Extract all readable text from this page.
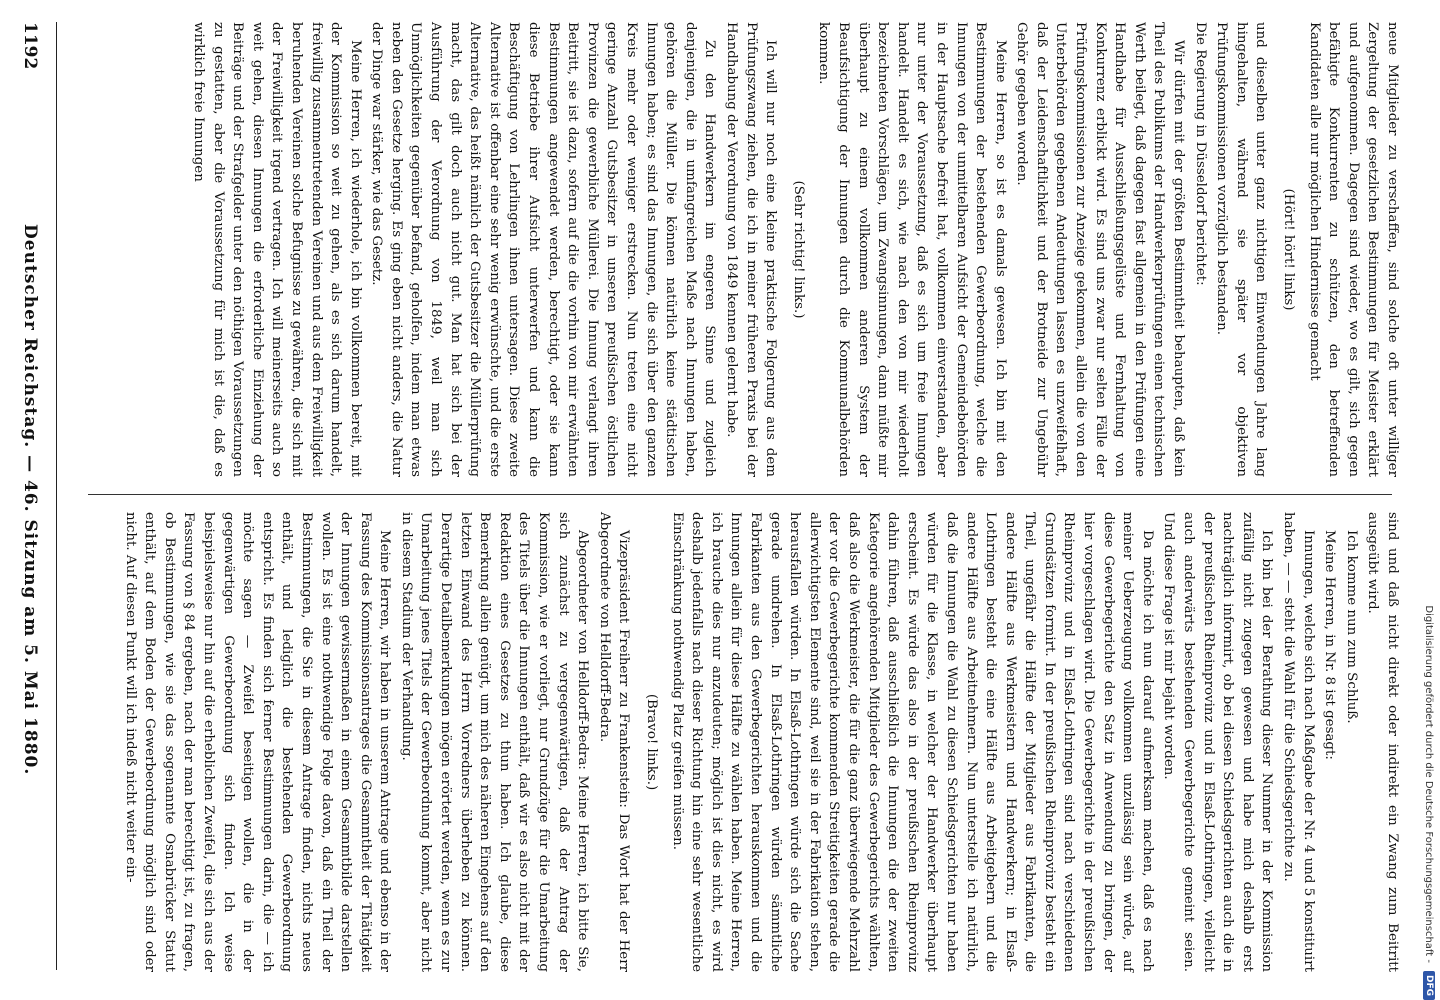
Digitalisierung gefördert durch die Deutsche Forschungsgemeinschaft -
DFG

neue Mitglieder zu verschaffen, sind solche oft unter williger Zergeltung der gesetzlichen Bestimmungen für Meister erklärt und aufgenommen. Dagegen sind wieder, wo es gilt, sich gegen befähigte Konkurrenten zu schützen, den betreffenden Kandidaten alle nur möglichen Hindernisse gemacht

(Hört! hört! links)

und dieselben unter ganz nichtigen Einwendungen Jahre lang hingehalten, während sie später vor objektiven Prüfungskommissionen vorzüglich bestanden.

Die Regierung in Düsseldorf berichtet:

Wir dürfen mit der größten Bestimmtheit behaupten, daß kein Theil des Publikums der Handwerkerprüfungen einen technischen Werth beilegt, daß dagegen fast allgemein in den Prüfungen eine Handhabe für Ausschließungsgelüste und Fernhaltung von Konkurrenz erblickt wird. Es sind uns zwar nur selten Fälle der Prüfungskommissionen zur Anzeige gekommen, allein die von den Unterbehörden gegebenen Andeutungen lassen es unzweifelhaft, daß der Leidenschaftlichkeit und der Brotneide zur Ungebühr Gehör gegeben worden.

Meine Herren, so ist es damals gewesen. Ich bin mit den Bestimmungen der bestehenden Gewerbeordnung, welche die Innungen von der unmittelbaren Aufsicht der Gemeindebehörden in der Hauptsache befreit hat, vollkommen einverstanden, aber nur unter der Voraussetzung, daß es sich um freie Innungen handelt. Handelt es sich, wie nach den von mir wiederholt bezeichneten Vorschlägen, um Zwangsinnungen, dann müßte mir überhaupt zu einem vollkommen anderen System der Beaufsichtigung der Innungen durch die Kommunalbehörden kommen.

(Sehr richtig! links.)

Ich will nur noch eine kleine praktische Folgerung aus dem Prüfungszwang ziehen, die ich in meiner früheren Praxis bei der Handhabung der Verordnung von 1849 kennen gelernt habe.

Zu den Handwerkern im engeren Sinne und zugleich denjenigen, die in umfangreichen Maße nach Innungen haben, gehören die Müller. Die können natürlich keine städtischen Innungen haben; es sind das Innungen, die sich über den ganzen Kreis mehr oder weniger erstrecken. Nun treten eine nicht geringe Anzahl Gutsbesitzer in unseren preußischen östlichen Provinzen die gewerbliche Müllerei. Die Innung verlangt ihren Beitritt, sie ist dazu, sofern auf die die vorhin von mir erwähnten Bestimmungen angewendet werden, berechtigt, oder sie kann diese Betriebe ihrer Aufsicht unterwerfen und kann die Beschäftigung von Lehrlingen ihnen untersagen. Diese zweite Alternative ist offenbar eine sehr wenig erwünschte, und die erste Alternative, das heißt nämlich der Gutsbesitzer die Müllerprüfung macht, das gilt doch auch nicht gut. Man hat sich bei der Ausführung der Verordnung von 1849, weil man sich Unmöglichkeiten gegenüber befand, geholfen, indem man etwas neben den Gesetze herging. Es ging eben nicht anders, die Natur der Dinge war stärker, wie das Gesetz.

Meine Herren, ich wiederhole, ich bin vollkommen bereit, mit der Kommission so weit zu gehen, als es sich darum handelt, freiwillig zusammentretenden Vereinen und aus dem Freiwilligkeit beruhenden Vereinen solche Befugnisse zu gewähren, die sich mit der Freiwilligkeit irgend vertragen. Ich will meinerseits auch so weit gehen, diesen Innungen die erforderliche Einziehung der Beiträge und der Strafgelder unter den nöthigen Voraussetzungen zu gestatten, aber die Voraussetzung für mich ist die, daß es wirklich freie Innungen

sind und daß nicht direkt oder indirekt ein Zwang zum Beitritt ausgeübt wird.

Ich komme nun zum Schluß.

Meine Herren, in Nr. 8 ist gesagt:

Innungen, welche sich nach Maßgabe der Nr. 4 und 5 konstituirt haben, — — steht die Wahl für die Schiedsgerichte zu.

Ich bin bei der Berathung dieser Nummer in der Kommission zufällig nicht zugegen gewesen und habe mich deshalb erst nachträglich informirt, ob bei diesen Schiedsgerichten auch die in der preußischen Rheinprovinz und in Elsaß-Lothringen, vielleicht auch anderwärts bestehenden Gewerbegerichte gemeint seien. Und diese Frage ist mir bejaht worden.

Da möchte ich nun darauf aufmerksam machen, daß es nach meiner Ueberzeugung vollkommen unzulässig sein würde, auf diese Gewerbegerichte den Satz in Anwendung zu bringen, der hier vorgeschlagen wird. Die Gewerbegerichte in der preußischen Rheinprovinz und in Elsaß-Lothringen sind nach verschiedenen Grundsätzen formirt. In der preußischen Rheinprovinz besteht ein Theil, ungefähr die Hälfte der Mitglieder aus Fabrikanten, die andere Hälfte aus Werkmeistern und Handwerkern; in Elsaß-Lothringen besteht die eine Hälfte aus Arbeitgebern und die andere Hälfte aus Arbeitnehmern. Nun unterstelle ich natürlich, daß die Innungen die Wahl zu diesen Schiedsgerichten nur haben würden für die Klasse, in welcher der Handwerker überhaupt erscheint. Es würde das also in der preußischen Rheinprovinz dahin führen, daß ausschließlich die Innungen die der zweiten Kategorie angehörenden Mitglieder des Gewerbegerichts wählten, daß also die Werkmeister, die für die ganz überwiegende Mehrzahl der vor die Gewerbegerichte kommenden Streitigkeiten gerade die allerwichtigsten Elemente sind, weil sie in der Fabrikation stehen, herausfallen würden. In Elsaß-Lothringen würde sich die Sache gerade umdrehen. In Elsaß-Lothringen würden sämmtliche Fabrikanten aus den Gewerbegerichten herauskommen und die Innungen allein für diese Hälfte zu wählen haben. Meine Herren, ich brauche dies nur anzudeuten; möglich ist dies nicht, es wird deshalb jedenfalls nach dieser Richtung hin eine sehr wesentliche Einschränkung nothwendig Platz greifen müssen.

(Bravo! links.)

Vizepräsident Freiherr zu Frankenstein: Das Wort hat der Herr Abgeordnete von Helldorff-Bedra.

Abgeordneter von Helldorff-Bedra: Meine Herren, ich bitte Sie, sich zunächst zu vergegenwärtigen, daß der Antrag der Kommission, wie er vorliegt, nur Grundzüge für die Umarbeitung des Titels über die Innungen enthält, daß wir es also nicht mit der Redaktion eines Gesetzes zu thun haben. Ich glaube, diese Bemerkung allein genügt, um mich des näheren Eingehens auf den letzten Einwand des Herrn Vorredners überheben zu können. Derartige Detailbemerkungen mögen erörtert werden, wenn es zur Umarbeitung jenes Titels der Gewerbeordnung kommt, aber nicht in diesem Stadium der Verhandlung.

Meine Herren, wir haben in unserem Antrage und ebenso in der Fassung des Kommissionsantrages die Gesammtheit der Thätigkeit der Innungen gewissermaßen in einem Gesammtbilde darstellen wollen. Es ist eine nothwendige Folge davon, daß ein Theil der Bestimmungen, die Sie in diesem Antrage finden, nichts neues enthält, und lediglich die bestehenden Gewerbeordnung entspricht. Es finden sich ferner Bestimmungen darin, die — ich möchte sagen — Zweifel beseitigen wollen, die in der gegenwärtigen Gewerbeordnung sich finden. Ich weise beispielsweise nur hin auf die erheblichen Zweifel, die sich aus der Fassung von § 84 ergeben, nach der man berechtigt ist, zu fragen, ob Bestimmungen, wie sie das sogenannte Osnabrücker Statut enthält, auf dem Boden der Gewerbeordnung möglich sind oder nicht. Auf diesen Punkt will ich indeß nicht weiter ein-

1192
Deutscher Reichstag. — 46. Sitzung am 5. Mai 1880.
